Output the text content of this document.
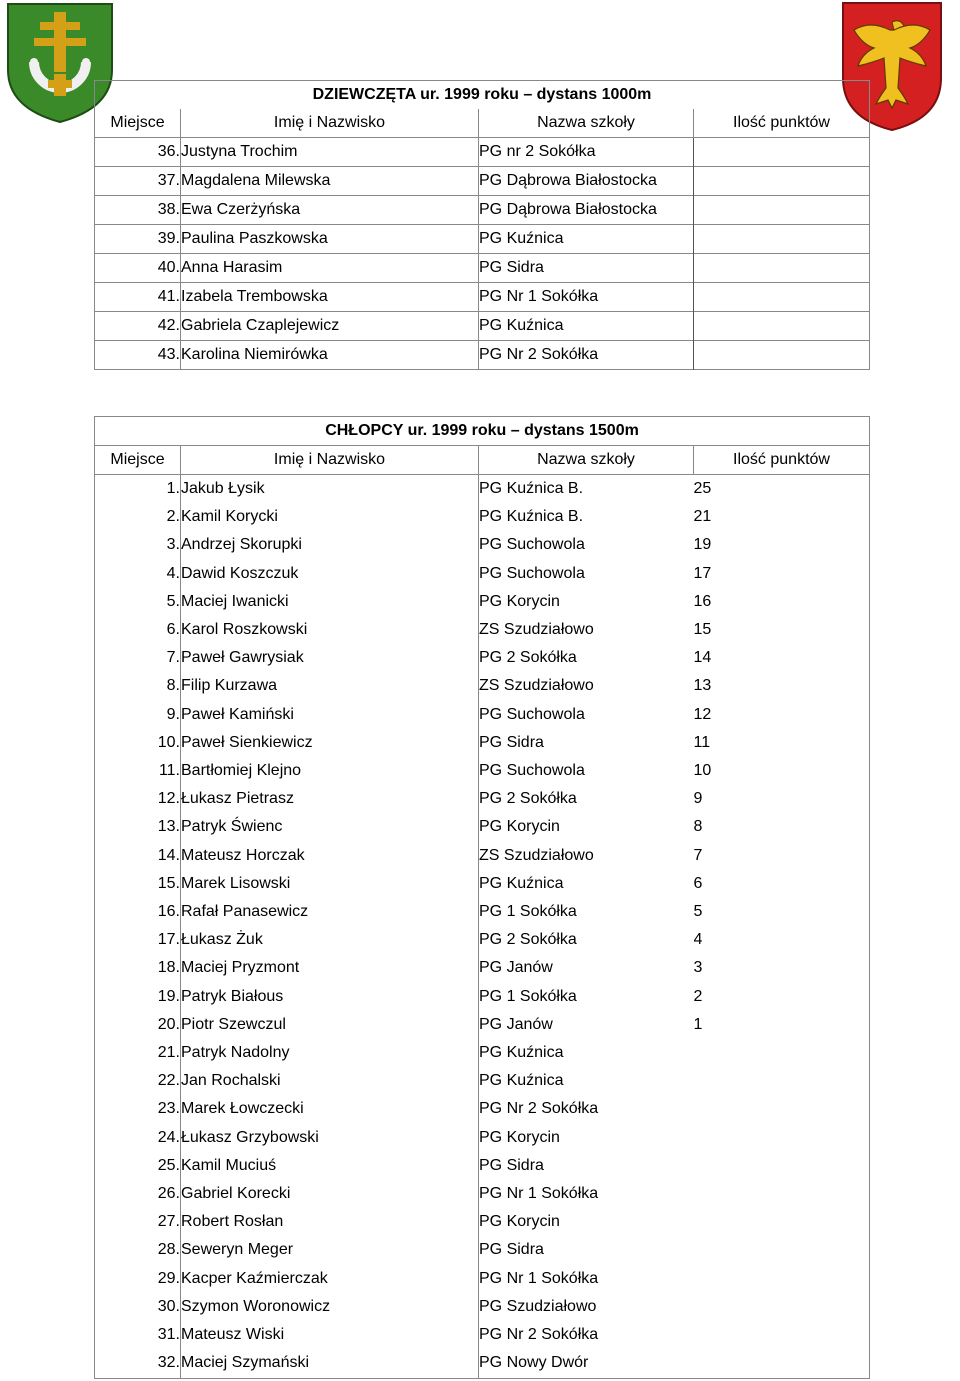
DZIEWCZĘTA ur. 1999 roku – dystans 1000m			
Miejsce	Imię i Nazwisko	Nazwa szkoły	Ilość punktów
36.	Justyna Trochim	PG nr 2 Sokółka	
37.	Magdalena Milewska	PG Dąbrowa Białostocka	
38.	Ewa Czerżyńska	PG Dąbrowa Białostocka	
39.	Paulina Paszkowska	PG Kuźnica	
40.	Anna Harasim	PG Sidra	
41.	Izabela Trembowska	PG Nr 1 Sokółka	
42.	Gabriela Czaplejewicz	PG Kuźnica	
43.	Karolina Niemirówka	PG Nr 2 Sokółka	
CHŁOPCY ur. 1999 roku – dystans 1500m			
Miejsce	Imię i Nazwisko	Nazwa szkoły	Ilość punktów
1.	Jakub Łysik	PG Kuźnica B.	25
2.	Kamil Korycki	PG Kuźnica B.	21
3.	Andrzej Skorupki	PG Suchowola	19
4.	Dawid Koszczuk	PG Suchowola	17
5.	Maciej Iwanicki	PG Korycin	16
6.	Karol Roszkowski	ZS Szudziałowo	15
7.	Paweł Gawrysiak	PG 2 Sokółka	14
8.	Filip Kurzawa	ZS Szudziałowo	13
9.	Paweł Kamiński	PG Suchowola	12
10.	Paweł Sienkiewicz	PG Sidra	11
11.	Bartłomiej Klejno	PG Suchowola	10
12.	Łukasz Pietrasz	PG 2 Sokółka	9
13.	Patryk Świenc	PG Korycin	8
14.	Mateusz Horczak	ZS Szudziałowo	7
15.	Marek Lisowski	PG Kuźnica	6
16.	Rafał Panasewicz	PG 1 Sokółka	5
17.	Łukasz Żuk	PG 2 Sokółka	4
18.	Maciej Pryzmont	PG Janów	3
19.	Patryk Białous	PG 1 Sokółka	2
20.	Piotr Szewczul	PG Janów	1
21.	Patryk Nadolny	PG Kuźnica	
22.	Jan Rochalski	PG Kuźnica	
23.	Marek Łowczecki	PG Nr 2 Sokółka	
24.	Łukasz Grzybowski	PG Korycin	
25.	Kamil Muciuś	PG Sidra	
26.	Gabriel Korecki	PG Nr 1 Sokółka	
27.	Robert Rosłan	PG Korycin	
28.	Seweryn Meger	PG Sidra	
29.	Kacper Kaźmierczak	PG Nr 1 Sokółka	
30.	Szymon Woronowicz	PG Szudziałowo	
31.	Mateusz Wiski	PG Nr 2 Sokółka	
32.	Maciej Szymański	PG Nowy Dwór	
